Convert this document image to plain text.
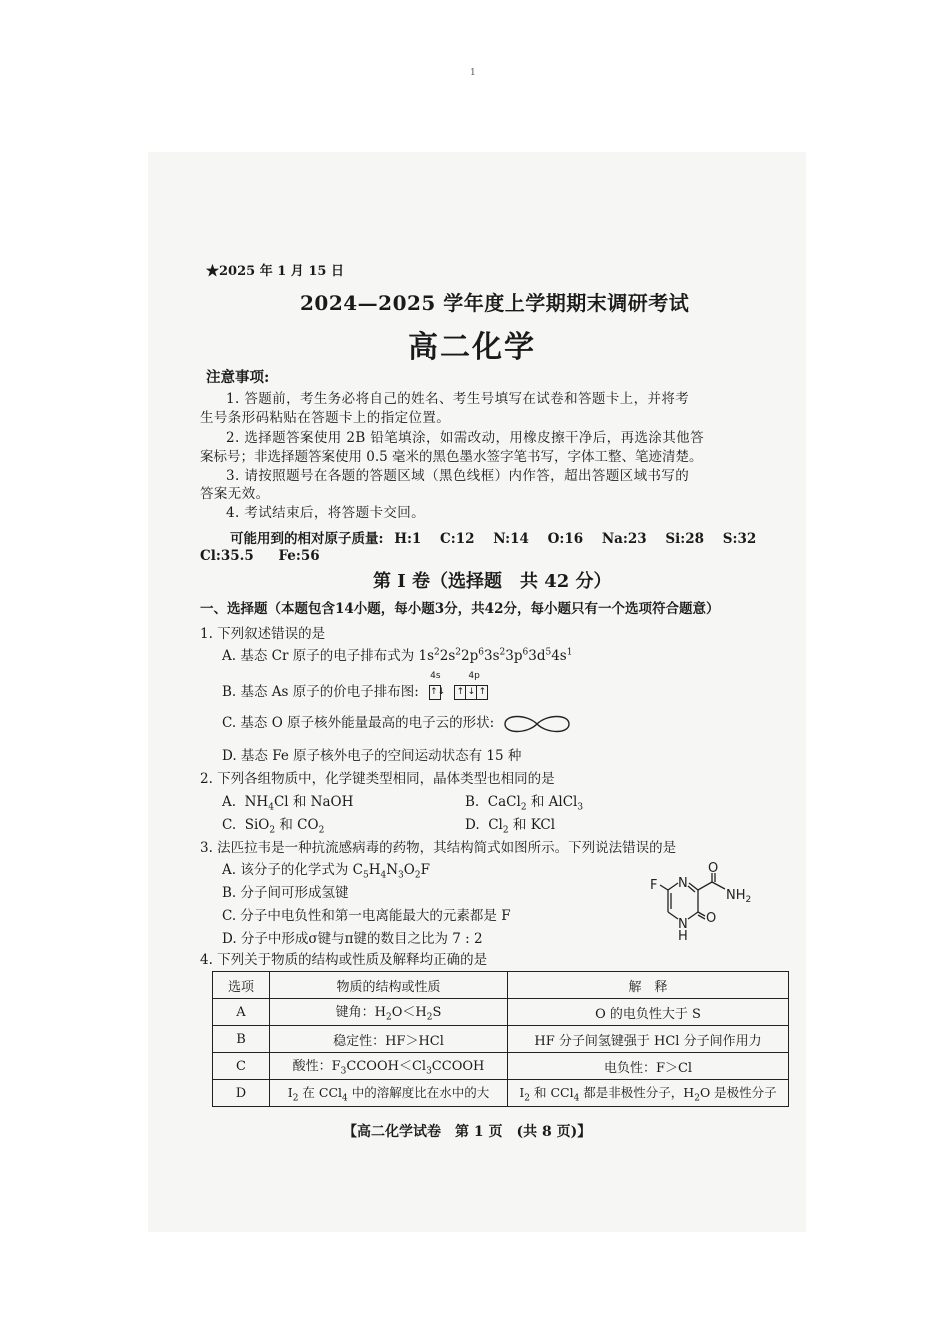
1
★2025 年 1 月 15 日
2024—2025 学年度上学期期末调研考试
高二化学
注意事项:
1. 答题前，考生务必将自己的姓名、考生号填写在试卷和答题卡上，并将考
生号条形码粘贴在答题卡上的指定位置。
2. 选择题答案使用 2B 铅笔填涂，如需改动，用橡皮擦干净后，再选涂其他答
案标号；非选择题答案使用 0.5 毫米的黑色墨水签字笔书写，字体工整、笔迹清楚。
3. 请按照题号在各题的答题区域（黑色线框）内作答，超出答题区域书写的
答案无效。
4. 考试结束后，将答题卡交回。
可能用到的相对原子质量: H:1 C:12 N:14 O:16 Na:23 Si:28 S:32
Cl:35.5 Fe:56
第 I 卷（选择题　共 42 分）
一、选择题（本题包含14小题，每小题3分，共42分，每小题只有一个选项符合题意）
1. 下列叙述错误的是
A. 基态 Cr 原子的电子排布式为 $1s^22s^22p^63s^23p^63d^54s^1$
B. 基态 As 原子的价电子排布图:
4s
↑↓
4p
↑ ↓ ↑
C. 基态 O 原子核外能量最高的电子云的形状:
D. 基态 Fe 原子核外电子的空间运动状态有 15 种
2. 下列各组物质中，化学键类型相同，晶体类型也相同的是
A.  $NH_4Cl$ 和 NaOH	B.  CaCl$_2$ 和 AlCl$_3$
C.  SiO$_2$ 和 $CO_2$	D.  $Cl_2$ 和 KCl
3. 法匹拉韦是一种抗流感病毒的药物，其结构简式如图所示。下列说法错误的是
A. 该分子的化学式为 $C_5H_4N_3O_2F$
B. 分子间可形成氢键
C. 分子中电负性和第一电离能最大的元素都是 F
D. 分子中形成σ键与π键的数目之比为 7 : 2
F N
O
$NH_2$
O
N
H
4. 下列关于物质的结构或性质及解释均正确的是
选项	物质的结构或性质	解　释
A	键角：$H_2O<H_2S$	O 的电负性大于 S
B	稳定性：HF＞HCl	HF 分子间氢键强于 HCl 分子间作用力
C	酸性：$F_3CCOOH<Cl_3CCOOH$	电负性：F＞Cl
D	$I_2$ 在 CCl$_4$ 中的溶解度比在水中的大	$I_2$ 和 CCl$_4$ 都是非极性分子，$H_2O$ 是极性分子
【高二化学试卷　第 1 页　(共 8 页)】
